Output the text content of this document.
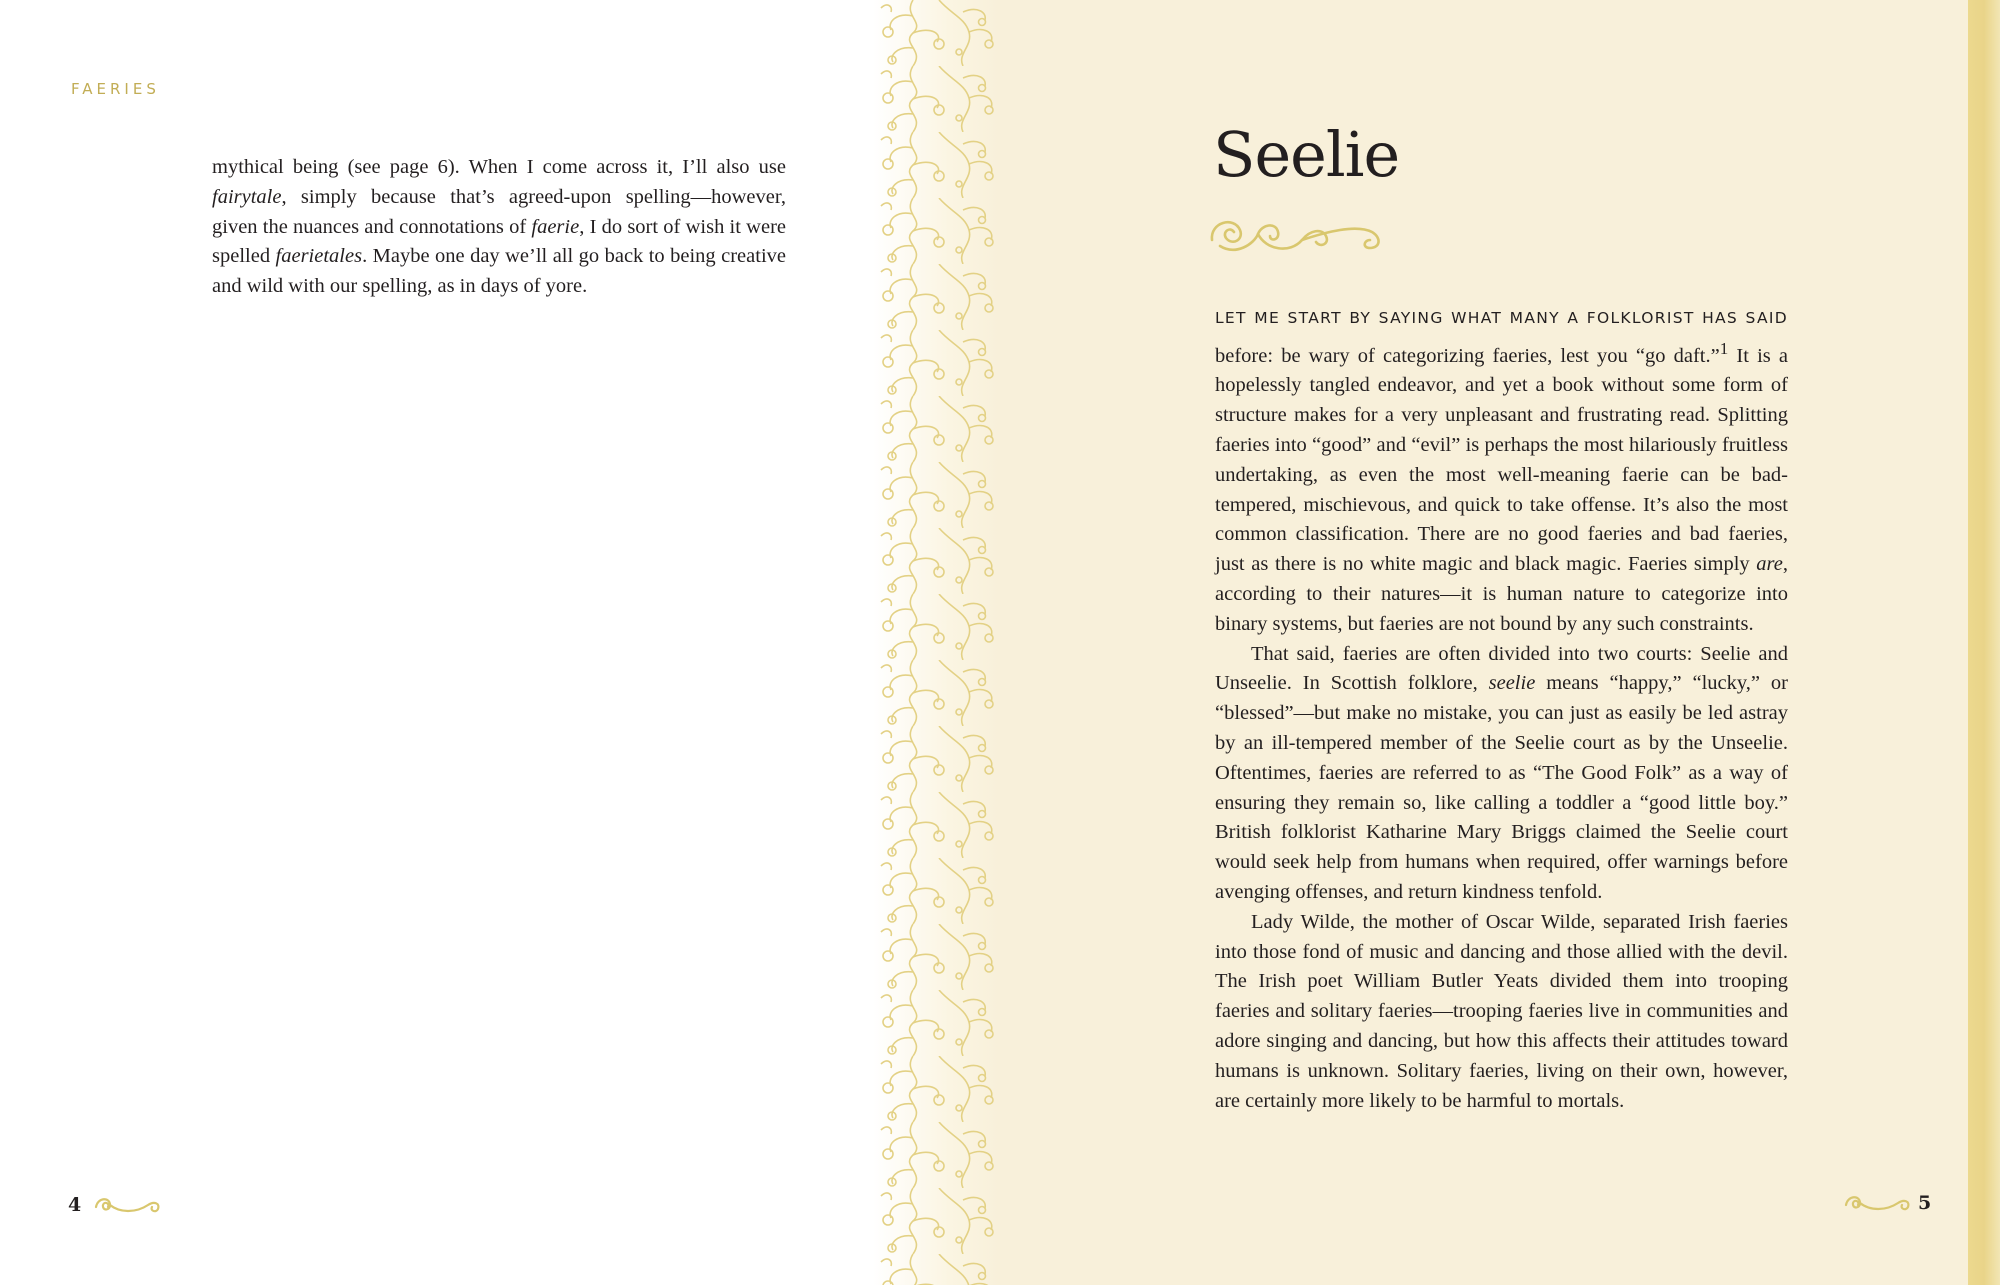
FAERIES

mythical being (see page 6). When I come across it, I’ll also use fairytale, simply because that’s agreed-upon spelling—however, given the nuances and connotations of faerie, I do sort of wish it were spelled faerietales. Maybe one day we’ll all go back to being creative and wild with our spelling, as in days of yore.

4
Seelie

LET ME START BY SAYING WHAT MANY A FOLKLORIST HAS SAID before: be wary of categorizing faeries, lest you “go daft.”$^1$ It is a hopelessly tangled endeavor, and yet a book without some form of structure makes for a very unpleasant and frustrating read. Splitting faeries into “good” and “evil” is perhaps the most hilariously fruitless undertaking, as even the most well-meaning faerie can be bad-tempered, mischievous, and quick to take offense. It’s also the most common classification. There are no good faeries and bad faeries, just as there is no white magic and black magic. Faeries simply are, according to their natures—it is human nature to categorize into binary systems, but faeries are not bound by any such constraints.

That said, faeries are often divided into two courts: Seelie and Unseelie. In Scottish folklore, seelie means “happy,” “lucky,” or “blessed”—but make no mistake, you can just as easily be led astray by an ill-tempered member of the Seelie court as by the Unseelie. Oftentimes, faeries are referred to as “The Good Folk” as a way of ensuring they remain so, like calling a toddler a “good little boy.” British folklorist Katharine Mary Briggs claimed the Seelie court would seek help from humans when required, offer warnings before avenging offenses, and return kindness tenfold.

Lady Wilde, the mother of Oscar Wilde, separated Irish faeries into those fond of music and dancing and those allied with the devil. The Irish poet William Butler Yeats divided them into trooping faeries and solitary faeries—trooping faeries live in communities and adore singing and dancing, but how this affects their attitudes toward humans is unknown. Solitary faeries, living on their own, however, are certainly more likely to be harmful to mortals.

5
